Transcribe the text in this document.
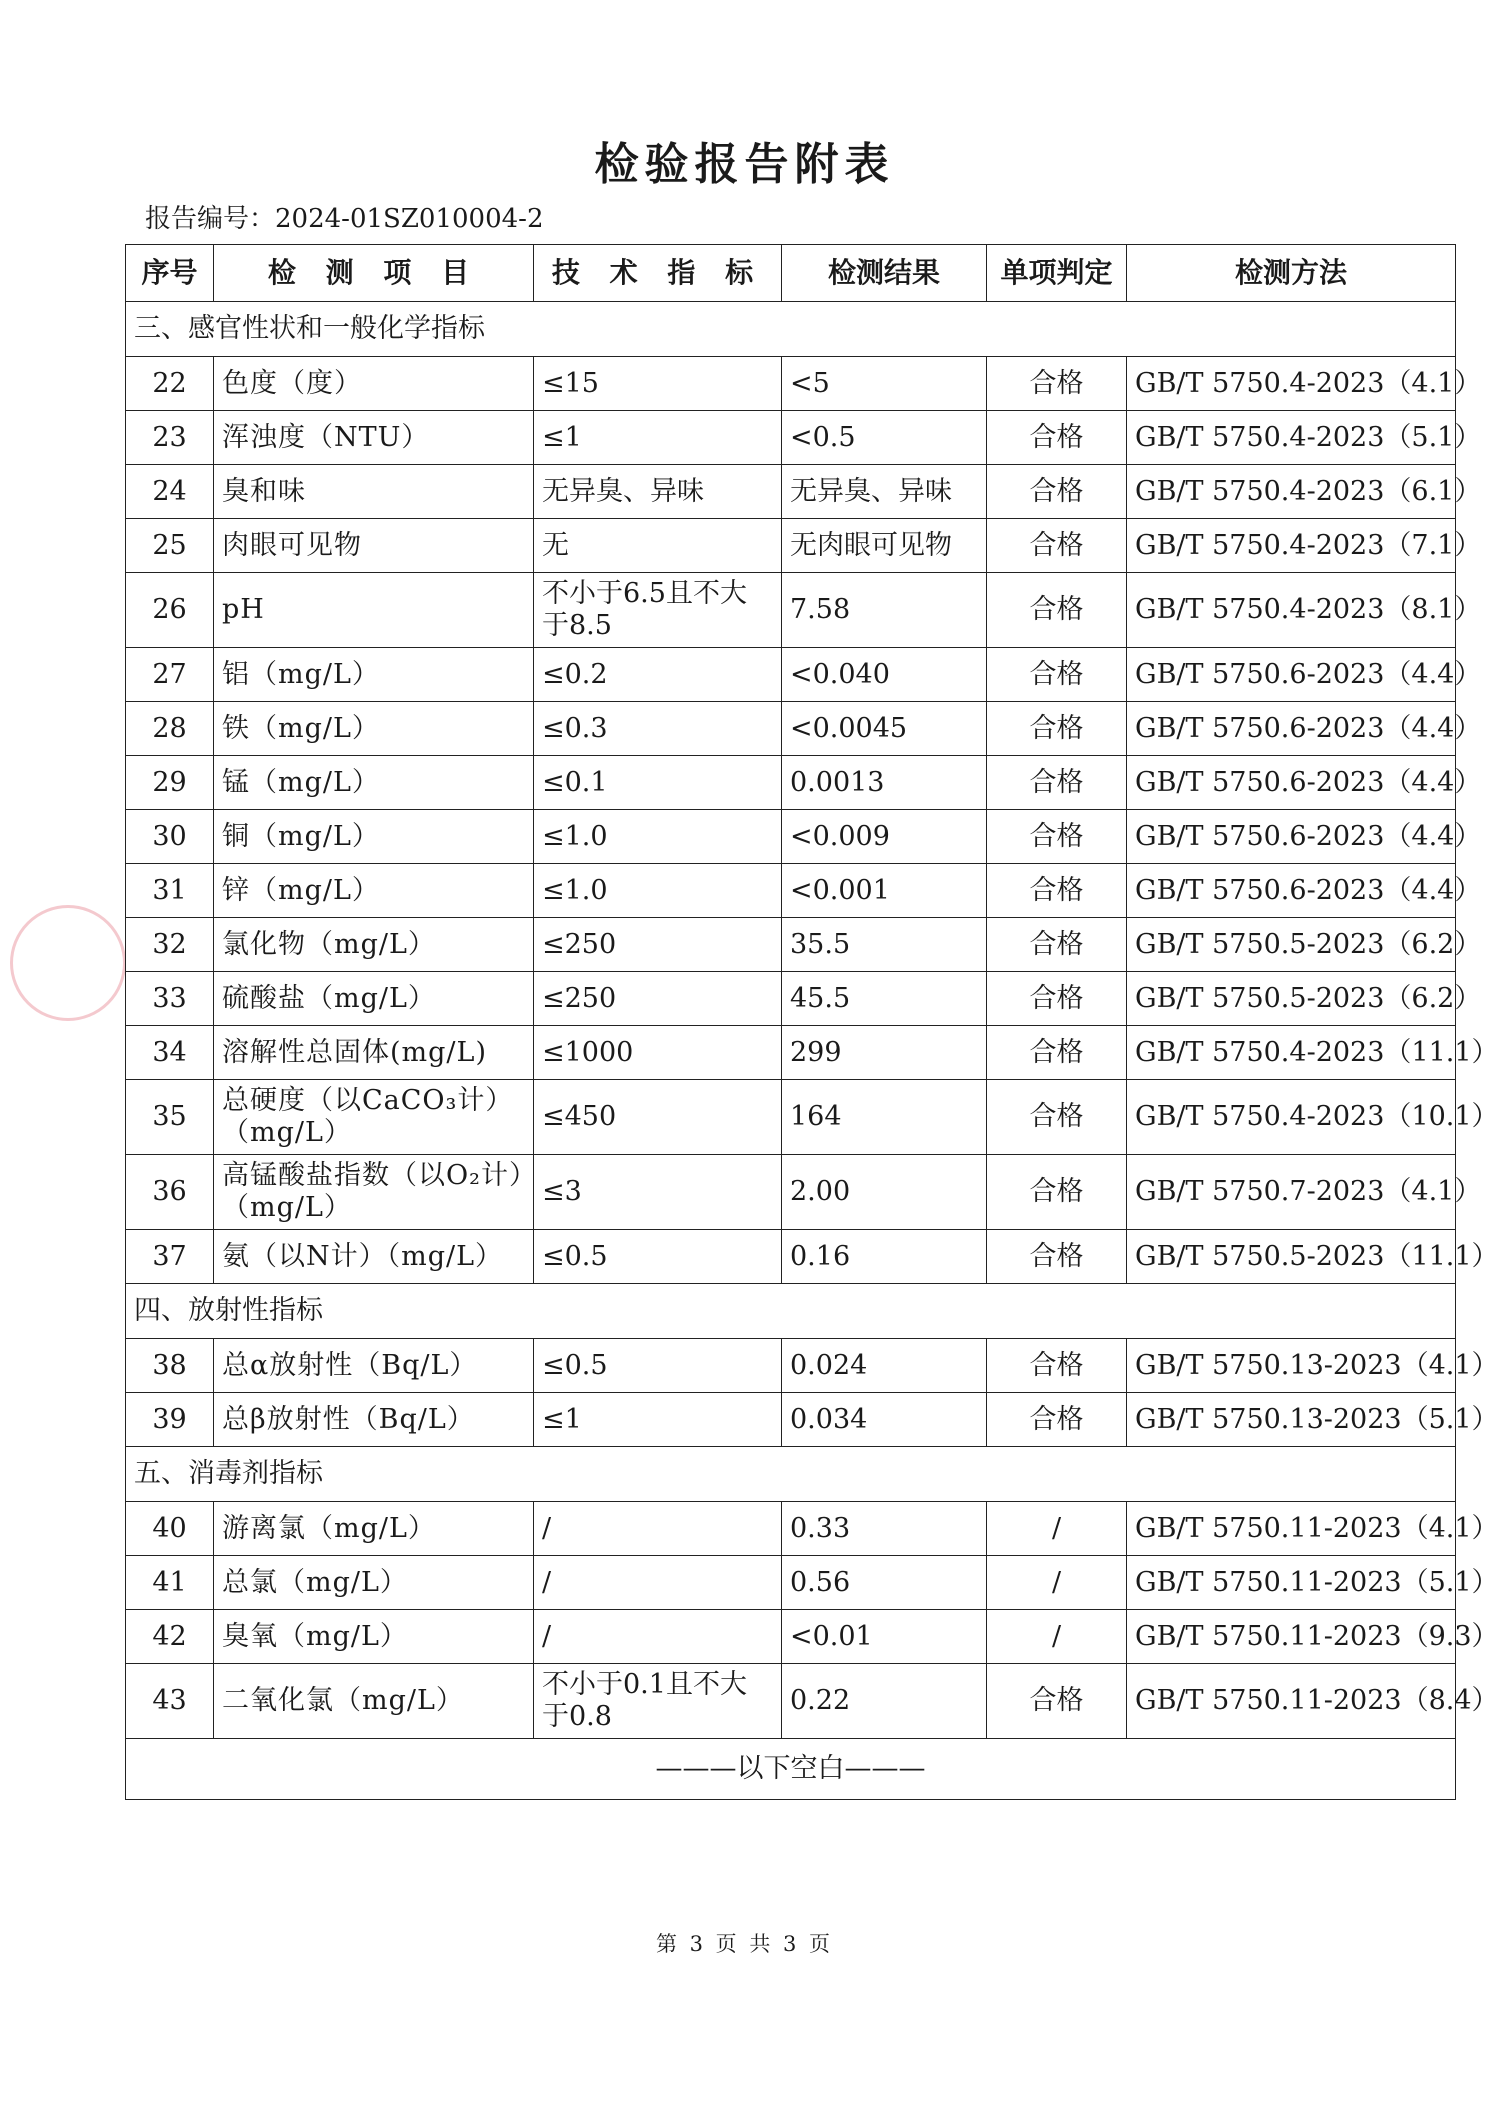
检验报告附表
报告编号：2024-01SZ010004-2
序号	检 测 项 目	技 术 指 标	检测结果	单项判定	检测方法
三、感官性状和一般化学指标					
22	色度（度）	≤15	<5	合格	GB/T 5750.4-2023（4.1）
23	浑浊度（NTU）	≤1	<0.5	合格	GB/T 5750.4-2023（5.1）
24	臭和味	无异臭、异味	无异臭、异味	合格	GB/T 5750.4-2023（6.1）
25	肉眼可见物	无	无肉眼可见物	合格	GB/T 5750.4-2023（7.1）
26	pH	不小于6.5且不大于8.5	7.58	合格	GB/T 5750.4-2023（8.1）
27	铝（mg/L）	≤0.2	<0.040	合格	GB/T 5750.6-2023（4.4）
28	铁（mg/L）	≤0.3	<0.0045	合格	GB/T 5750.6-2023（4.4）
29	锰（mg/L）	≤0.1	0.0013	合格	GB/T 5750.6-2023（4.4）
30	铜（mg/L）	≤1.0	<0.009	合格	GB/T 5750.6-2023（4.4）
31	锌（mg/L）	≤1.0	<0.001	合格	GB/T 5750.6-2023（4.4）
32	氯化物（mg/L）	≤250	35.5	合格	GB/T 5750.5-2023（6.2）
33	硫酸盐（mg/L）	≤250	45.5	合格	GB/T 5750.5-2023（6.2）
34	溶解性总固体(mg/L)	≤1000	299	合格	GB/T 5750.4-2023（11.1）
35	总硬度（以CaCO₃计）（mg/L）	≤450	164	合格	GB/T 5750.4-2023（10.1）
36	高锰酸盐指数（以O₂计）（mg/L）	≤3	2.00	合格	GB/T 5750.7-2023（4.1）
37	氨（以N计）（mg/L）	≤0.5	0.16	合格	GB/T 5750.5-2023（11.1）
四、放射性指标					
38	总α放射性（Bq/L）	≤0.5	0.024	合格	GB/T 5750.13-2023（4.1）
39	总β放射性（Bq/L）	≤1	0.034	合格	GB/T 5750.13-2023（5.1）
五、消毒剂指标					
40	游离氯（mg/L）	/	0.33	/	GB/T 5750.11-2023（4.1）
41	总氯（mg/L）	/	0.56	/	GB/T 5750.11-2023（5.1）
42	臭氧（mg/L）	/	<0.01	/	GB/T 5750.11-2023（9.3）
43	二氧化氯（mg/L）	不小于0.1且不大于0.8	0.22	合格	GB/T 5750.11-2023（8.4）
———以下空白———					
第 3 页 共 3 页
